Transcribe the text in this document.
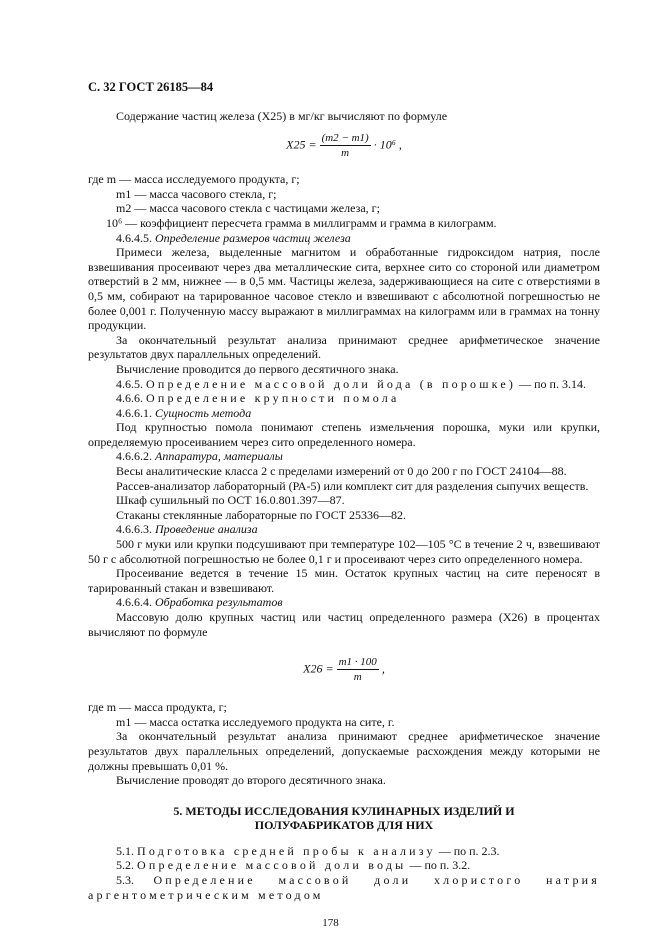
С. 32 ГОСТ 26185—84

Содержание частиц железа (X25) в мг/кг вычисляют по формуле

$X25 = \frac{(m2 - m1)}{m} \cdot 10^6$ ,
где m — масса исследуемого продукта, г;
m1 — масса часового стекла, г;
m2 — масса часового стекла с частицами железа, г;
10⁶ — коэффициент пересчета грамма в миллиграмм и грамма в килограмм.

4.6.4.5. Определение размеров частиц железа

Примеси железа, выделенные магнитом и обработанные гидроксидом натрия, после взвешивания просеивают через два металлические сита, верхнее сито со стороной или диаметром отверстий в 2 мм, нижнее — в 0,5 мм. Частицы железа, задерживающиеся на сите с отверстиями в 0,5 мм, собирают на тарированное часовое стекло и взвешивают с абсолютной погрешностью не более 0,001 г. Полученную массу выражают в миллиграммах на килограмм или в граммах на тонну продукции.

За окончательный результат анализа принимают среднее арифметическое значение результатов двух параллельных определений.

Вычисление проводится до первого десятичного знака.

4.6.5. Определение массовой доли йода (в порошке) — по п. 3.14.

4.6.6. Определение крупности помола

4.6.6.1. Сущность метода

Под крупностью помола понимают степень измельчения порошка, муки или крупки, определяемую просеиванием через сито определенного номера.

4.6.6.2. Аппаратура, материалы

Весы аналитические класса 2 с пределами измерений от 0 до 200 г по ГОСТ 24104—88.

Рассев-анализатор лабораторный (РА-5) или комплект сит для разделения сыпучих веществ.

Шкаф сушильный по ОСТ 16.0.801.397—87.

Стаканы стеклянные лабораторные по ГОСТ 25336—82.

4.6.6.3. Проведение анализа

500 г муки или крупки подсушивают при температуре 102—105 °С в течение 2 ч, взвешивают 50 г с абсолютной погрешностью не более 0,1 г и просеивают через сито определенного номера.

Просеивание ведется в течение 15 мин. Остаток крупных частиц на сите переносят в тарированный стакан и взвешивают.

4.6.6.4. Обработка результатов

Массовую долю крупных частиц или частиц определенного размера (X26) в процентах вычисляют по формуле

$X26 = \frac{m1 \cdot 100}{m}$ ,
где m — масса продукта, г;
m1 — масса остатка исследуемого продукта на сите, г.

За окончательный результат анализа принимают среднее арифметическое значение результатов двух параллельных определений, допускаемые расхождения между которыми не должны превышать 0,01 %.

Вычисление проводят до второго десятичного знака.

5. МЕТОДЫ ИССЛЕДОВАНИЯ КУЛИНАРНЫХ ИЗДЕЛИЙ И ПОЛУФАБРИКАТОВ ДЛЯ НИХ

5.1. Подготовка средней пробы к анализу — по п. 2.3.

5.2. Определение массовой доли воды — по п. 3.2.

5.3. Определение массовой доли хлористого натрия аргентометрическим методом

178
